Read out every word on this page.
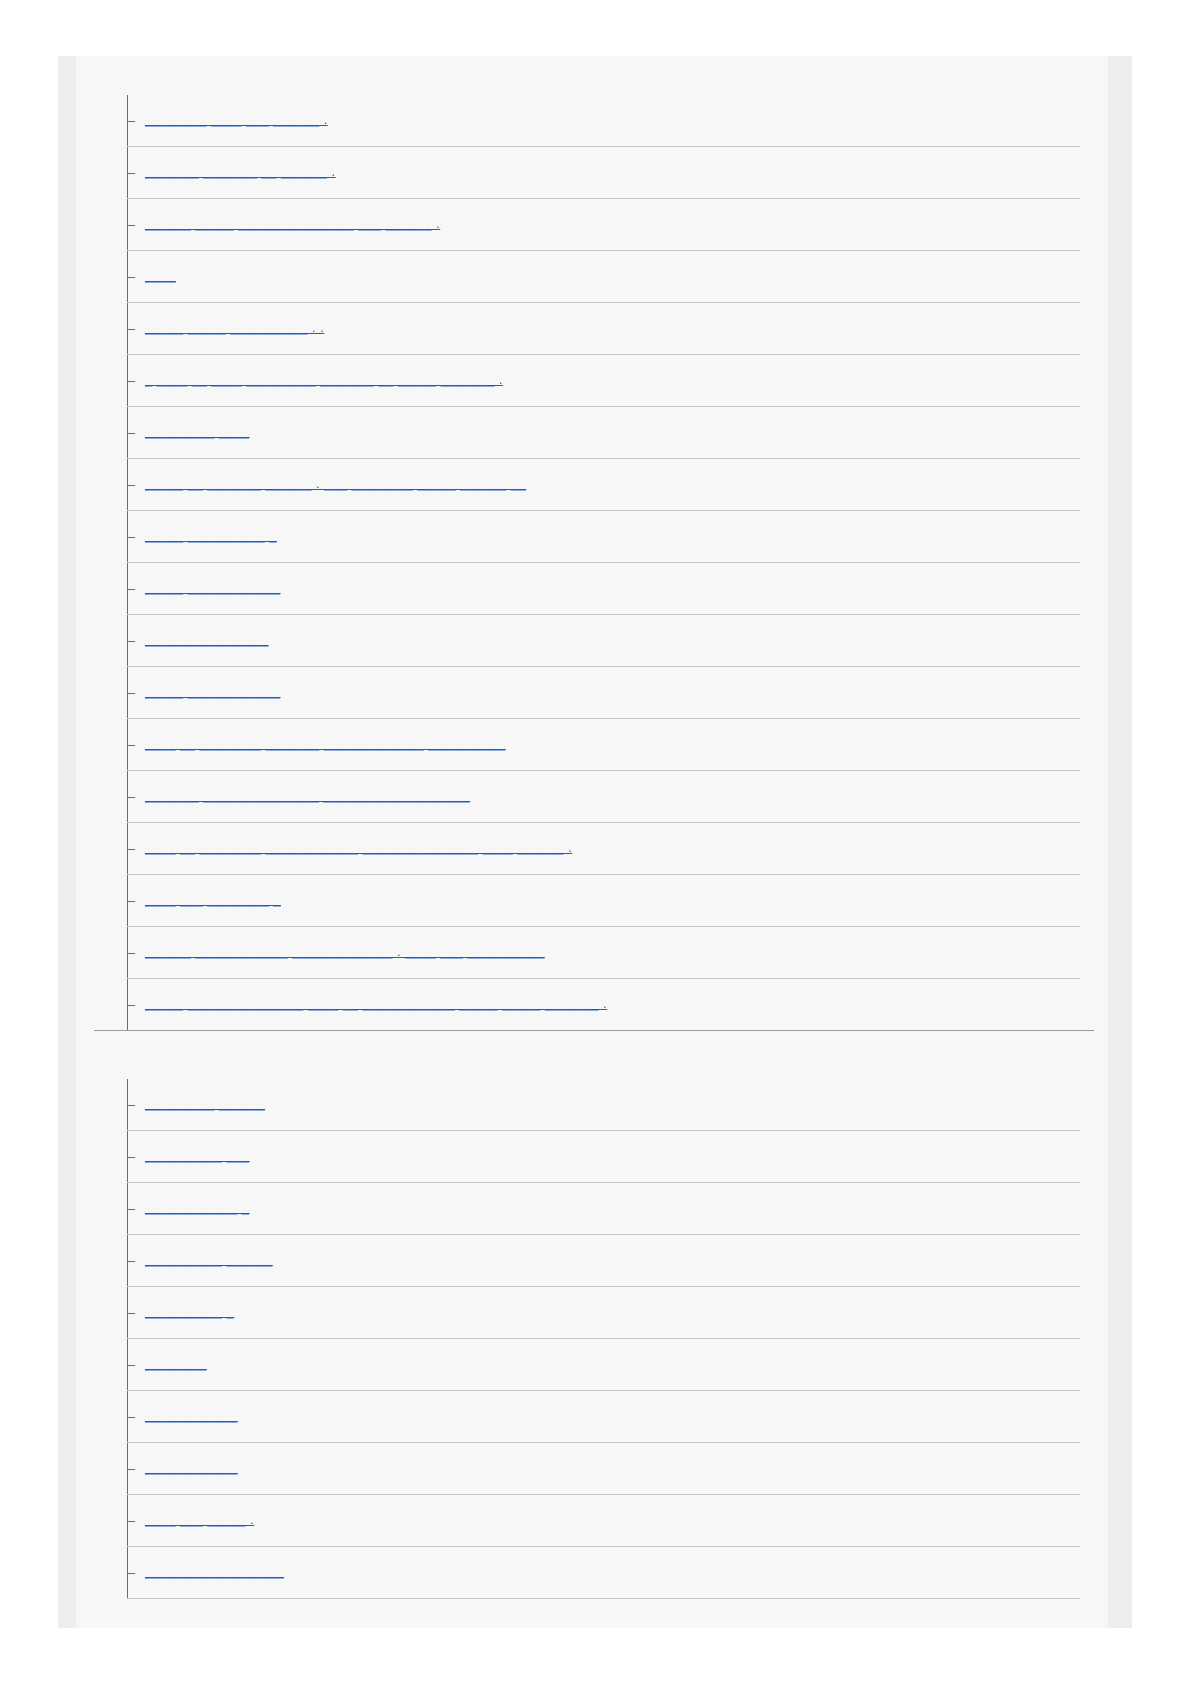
________ ____ ___ ______ .
_______ _______ __ ______ .
______ _____ _______________ ___ ______ .
____
_____ _____ __________ . .
_ ____ __ ____ _________ _______ __ _____ _______ .
_________ ____
_____ __ _______ ______ . ___ ________ _____ ______ __
_____ __________ _
_____ ____________
________________
_____ ____________
____ __ ________ _______ _____________ __________
_______ _______________ ___________________
____ __ ________ ____________ _______________ ____ ______ .
____ ___ ________ _
______ ____________ _____________ . ____ ___ __________
_____ _______________ ____ __ ____________ _____ _____ _______ .
_________ ______
__________ ___
____________ _
__________ ______
__________ _
________
____________
____________
____ ___ _____ .
__________________
